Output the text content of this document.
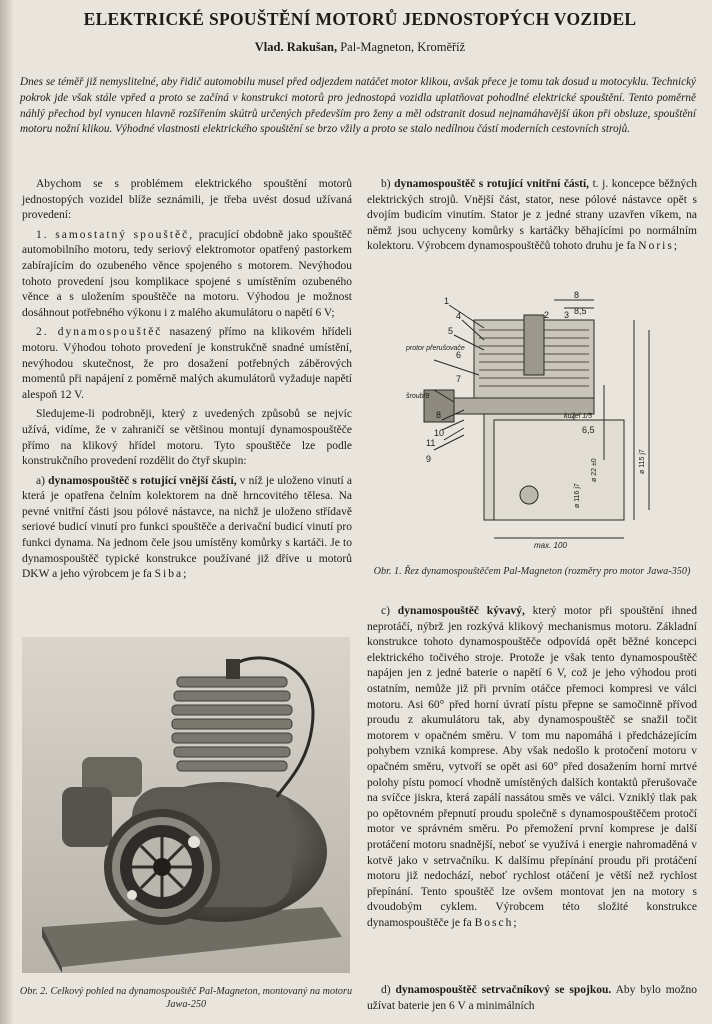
ELEKTRICKÉ SPOUŠTĚNÍ MOTORŮ JEDNOSTOPÝCH VOZIDEL
Vlad. Rakušan, Pal-Magneton, Kroměříž

Dnes se téměř již nemyslitelné, aby řidič automobilu musel před odjezdem natáčet motor klikou, avšak přece je tomu tak dosud u motocyklu. Technický pokrok jde však stále vpřed a proto se začíná v konstrukci motorů pro jednostopá vozidla uplatňovat pohodlné elektrické spouštění. Tento poměrně náhlý přechod byl vynucen hlavně rozšířením skútrů určených především pro ženy a měl odstranit dosud nejnamáhavější úkon při obsluze, spouštění motoru nožní klikou. Výhodné vlastnosti elektrického spouštění se brzo vžily a proto se stalo nedílnou částí moderních cestovních strojů.

Abychom se s problémem elektrického spouštění motorů jednostopých vozidel blíže seznámili, je třeba uvést dosud užívaná provedení:

1. samostatný spouštěč, pracující obdobně jako spouštěč automobilního motoru, tedy seriový elektromotor opatřený pastorkem zabírajícím do ozubeného věnce spojeného s motorem. Nevýhodou tohoto provedení jsou komplikace spojené s umístěním ozubeného věnce a s uložením spouštěče na motoru. Výhodou je možnost dosáhnout potřebného výkonu i z malého akumulátoru o napětí 6 V;

2. dynamospouštěč nasazený přímo na klikovém hřídeli motoru. Výhodou tohoto provedení je konstrukčně snadné umístění, nevýhodou skutečnost, že pro dosažení potřebných záběrových momentů při napájení z poměrně malých akumulátorů vyžaduje napětí alespoň 12 V.

Sledujeme-li podrobněji, který z uvedených způsobů se nejvíc užívá, vidíme, že v zahraničí se většinou montují dynamospouštěče přímo na klikový hřídel motoru. Tyto spouštěče lze podle konstrukčního provedení rozdělit do čtyř skupin:

a) dynamospouštěč s rotující vnější částí, v níž je uloženo vinutí a která je opatřena čelním kolektorem na dně hrncovitého tělesa. Na pevné vnitřní části jsou pólové nástavce, na nichž je uloženo střídavě seriové budicí vinutí pro funkci spouštěče a derivační budicí vinutí pro funkci dynama. Na jednom čele jsou umístěny komůrky s kartáči. Je to dynamospouštěč typické konstrukce používané již dříve u motorů DKW a jeho výrobcem je fa Siba;

Obr. 2. Celkový pohled na dynamospouštěč Pal-Magneton, montovaný na motoru Jawa-250

b) dynamospouštěč s rotující vnitřní částí, t. j. koncepce běžných elektrických strojů. Vnější část, stator, nese pólové nástavce opět s dvojím budicím vinutím. Stator je z jedné strany uzavřen víkem, na němž jsou uchyceny komůrky s kartáčky běhajícími po normálním kolektoru. Výrobcem dynamospouštěčů tohoto druhu je fa Noris;

1
2 3
4
5
6
7
8
9
10
11
protor přerušovače
šroub/8
kužel 1/5
8
8,5
6,5
ø 116 j7
ø 115 j7
ø 22 ±0
max. 100

Obr. 1. Řez dynamospouštěčem Pal-Magneton (rozměry pro motor Jawa-350)

c) dynamospouštěč kývavý, který motor při spouštění ihned neprotáčí, nýbrž jen rozkývá klikový mechanismus motoru. Základní konstrukce tohoto dynamospouštěče odpovídá opět běžné koncepci elektrického točivého stroje. Protože je však tento dynamospouštěč napájen jen z jedné baterie o napětí 6 V, což je jeho výhodou proti ostatním, nemůže již při prvním otáčce přemoci kompresi ve válci motoru. Asi 60° před horní úvratí pístu přepne se samočinně přívod proudu z akumulátoru tak, aby dynamospouštěč se snažil točit motorem v opačném směru. V tom mu napomáhá i předcházejícím pohybem vzniká komprese. Aby však nedošlo k protočení motoru v opačném směru, vytvoří se opět asi 60° před dosažením horní mrtvé polohy pístu pomocí vhodně umístěných dalších kontaktů přerušovače na svíčce jiskra, která zapálí nassátou směs ve válci. Vzniklý tlak pak po opětovném přepnutí proudu společně s dynamospouštěčem protočí motor ve správném směru. Po přemožení první komprese je další protáčení motoru snadnější, neboť se využívá i energie nahromaděná v kotvě jako v setrvačníku. K dalšímu přepínání proudu při protáčení motoru již nedochází, neboť rychlost otáčení je větší než rychlost přepínání. Tento spouštěč lze ovšem montovat jen na motory s dvoudobým cyklem. Výrobcem této složité konstrukce dynamospouštěče je fa Bosch;

d) dynamospouštěč setrvačníkový se spojkou. Aby bylo možno užívat baterie jen 6 V a minimálních
